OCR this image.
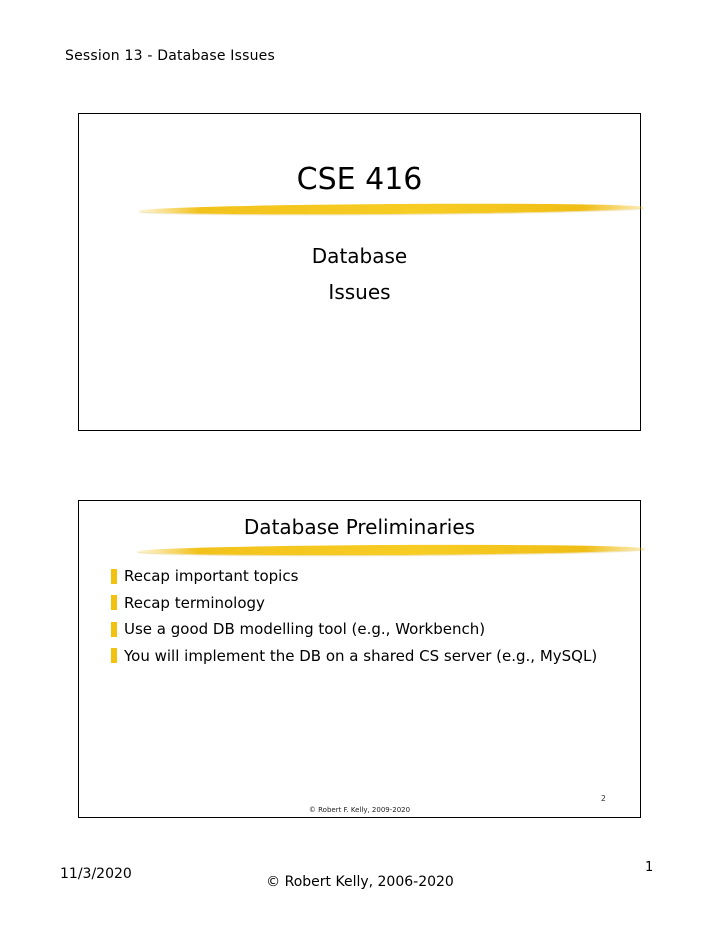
Session 13 - Database Issues
CSE 416
Database
Issues
Database Preliminaries
Recap important topics
Recap terminology
Use a good DB modelling tool (e.g., Workbench)
You will implement the DB on a shared CS server (e.g., MySQL)
2
© Robert F. Kelly, 2009-2020
11/3/2020	© Robert Kelly, 2006-2020
1
